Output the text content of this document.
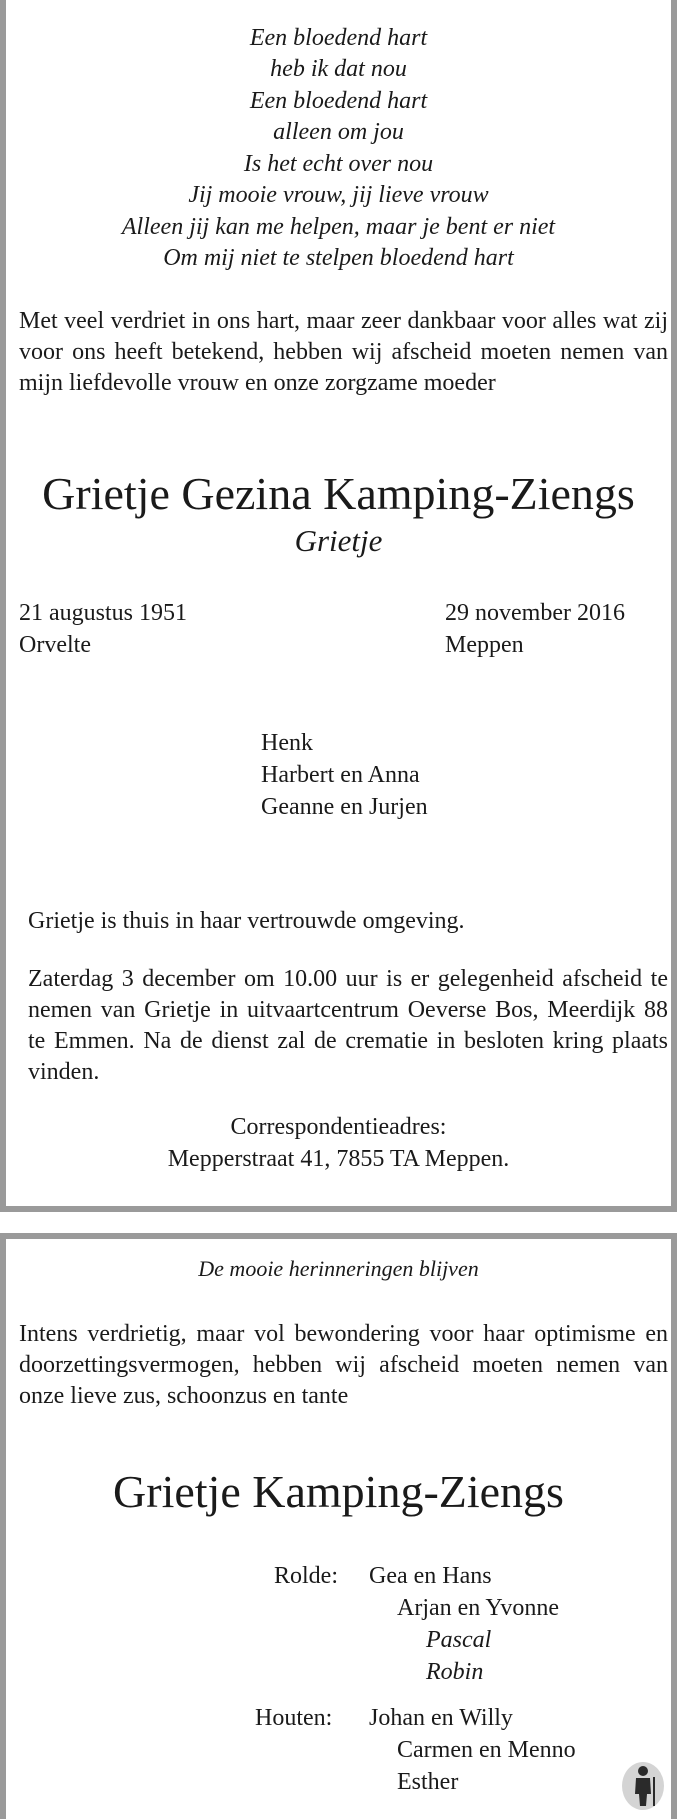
Een bloedend hart
heb ik dat nou
Een bloedend hart
alleen om jou
Is het echt over nou
Jij mooie vrouw, jij lieve vrouw
Alleen jij kan me helpen, maar je bent er niet
Om mij niet te stelpen bloedend hart

Met veel verdriet in ons hart, maar zeer dankbaar voor alles wat zij voor ons heeft betekend, hebben wij afscheid moeten nemen van mijn liefdevolle vrouw en onze zorgzame moeder

Grietje Gezina Kamping-Ziengs
Grietje
21 augustus 1951
Orvelte
29 november 2016
Meppen
Henk
Harbert en Anna
Geanne en Jurjen
Grietje is thuis in haar vertrouwde omgeving.

Zaterdag 3 december om 10.00 uur is er gelegenheid afscheid te nemen van Grietje in uitvaartcentrum Oeverse Bos, Meerdijk 88 te Emmen. Na de dienst zal de crematie in besloten kring plaats vinden.

Correspondentieadres:
Mepperstraat 41, 7855 TA Meppen.
De mooie herinneringen blijven

Intens verdrietig, maar vol bewondering voor haar optimisme en doorzettingsvermogen, hebben wij afscheid moeten nemen van onze lieve zus, schoonzus en tante

Grietje Kamping-Ziengs
Rolde: Gea en Hans
Arjan en Yvonne
Pascal
Robin
Houten: Johan en Willy
Carmen en Menno
Esther
